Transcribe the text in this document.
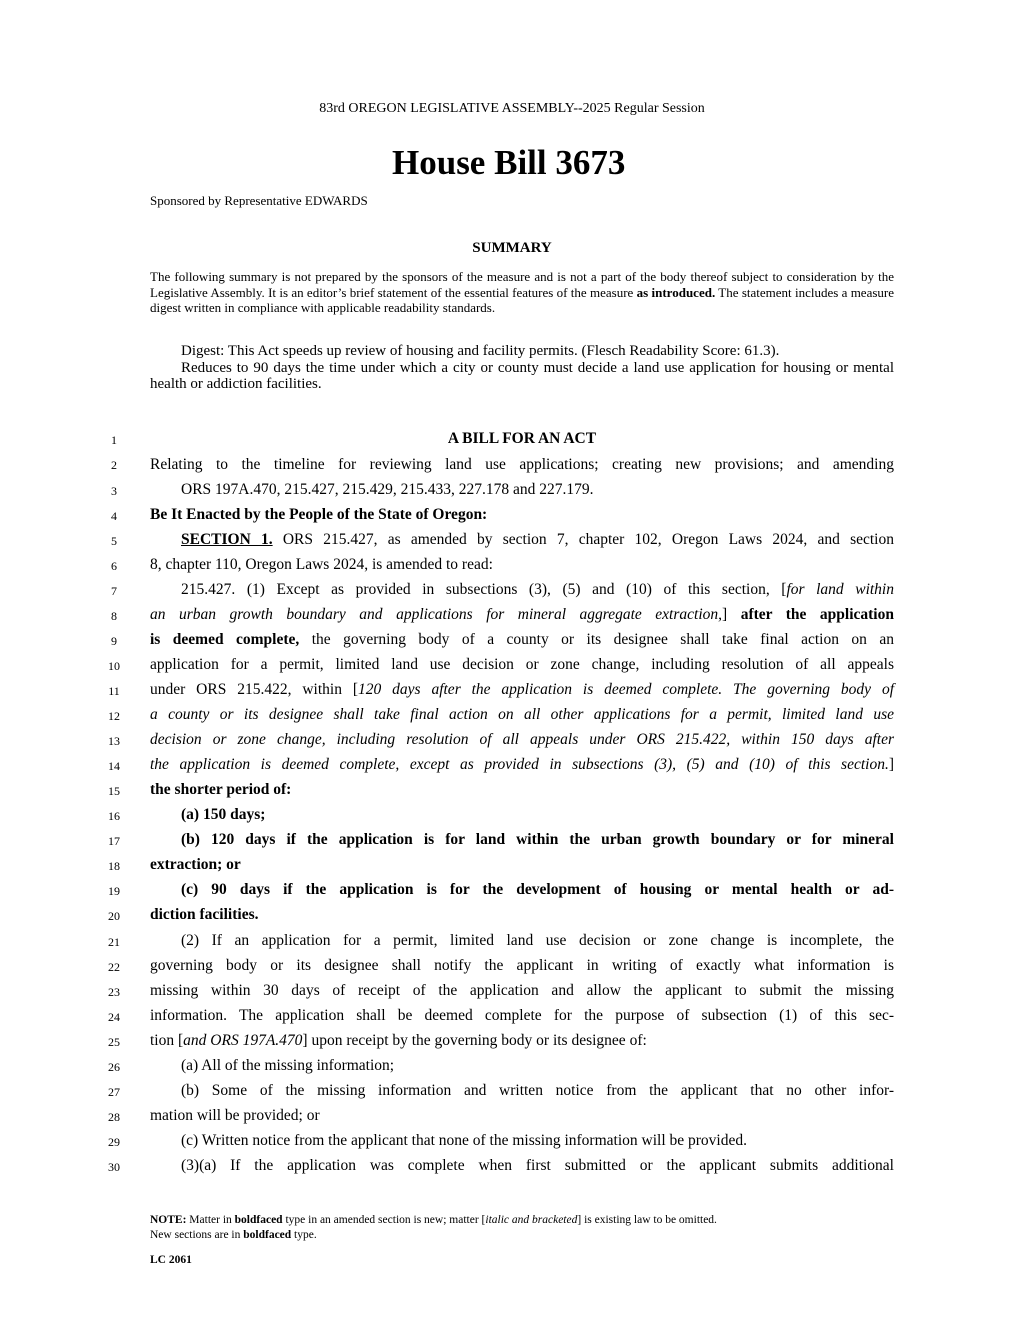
83rd OREGON LEGISLATIVE ASSEMBLY--2025 Regular Session
House Bill 3673
Sponsored by Representative EDWARDS
SUMMARY
The following summary is not prepared by the sponsors of the measure and is not a part of the body thereof subject to consideration by the Legislative Assembly. It is an editor’s brief statement of the essential features of the measure as introduced. The statement includes a measure digest written in compliance with applicable readability standards.

Digest: This Act speeds up review of housing and facility permits. (Flesch Readability Score: 61.3).

Reduces to 90 days the time under which a city or county must decide a land use application for housing or mental health or addiction facilities.

1	A BILL FOR AN ACT
2	Relating to the timeline for reviewing land use applications; creating new provisions; and amending
3	ORS 197A.470, 215.427, 215.429, 215.433, 227.178 and 227.179.
4	Be It Enacted by the People of the State of Oregon:
5	SECTION 1. ORS 215.427, as amended by section 7, chapter 102, Oregon Laws 2024, and section
6	8, chapter 110, Oregon Laws 2024, is amended to read:
7	215.427. (1) Except as provided in subsections (3), (5) and (10) of this section, [for land within
8	an urban growth boundary and applications for mineral aggregate extraction,] after the application
9	is deemed complete, the governing body of a county or its designee shall take final action on an
10	application for a permit, limited land use decision or zone change, including resolution of all appeals
11	under ORS 215.422, within [120 days after the application is deemed complete. The governing body of
12	a county or its designee shall take final action on all other applications for a permit, limited land use
13	decision or zone change, including resolution of all appeals under ORS 215.422, within 150 days after
14	the application is deemed complete, except as provided in subsections (3), (5) and (10) of this section.]
15	the shorter period of:
16	(a) 150 days;
17	(b) 120 days if the application is for land within the urban growth boundary or for mineral
18	extraction; or
19	(c) 90 days if the application is for the development of housing or mental health or ad-
20	diction facilities.
21	(2) If an application for a permit, limited land use decision or zone change is incomplete, the
22	governing body or its designee shall notify the applicant in writing of exactly what information is
23	missing within 30 days of receipt of the application and allow the applicant to submit the missing
24	information. The application shall be deemed complete for the purpose of subsection (1) of this sec-
25	tion [and ORS 197A.470] upon receipt by the governing body or its designee of:
26	(a) All of the missing information;
27	(b) Some of the missing information and written notice from the applicant that no other infor-
28	mation will be provided; or
29	(c) Written notice from the applicant that none of the missing information will be provided.
30	(3)(a) If the application was complete when first submitted or the applicant submits additional
NOTE: Matter in boldfaced type in an amended section is new; matter [italic and bracketed] is existing law to be omitted.
New sections are in boldfaced type.
LC 2061
